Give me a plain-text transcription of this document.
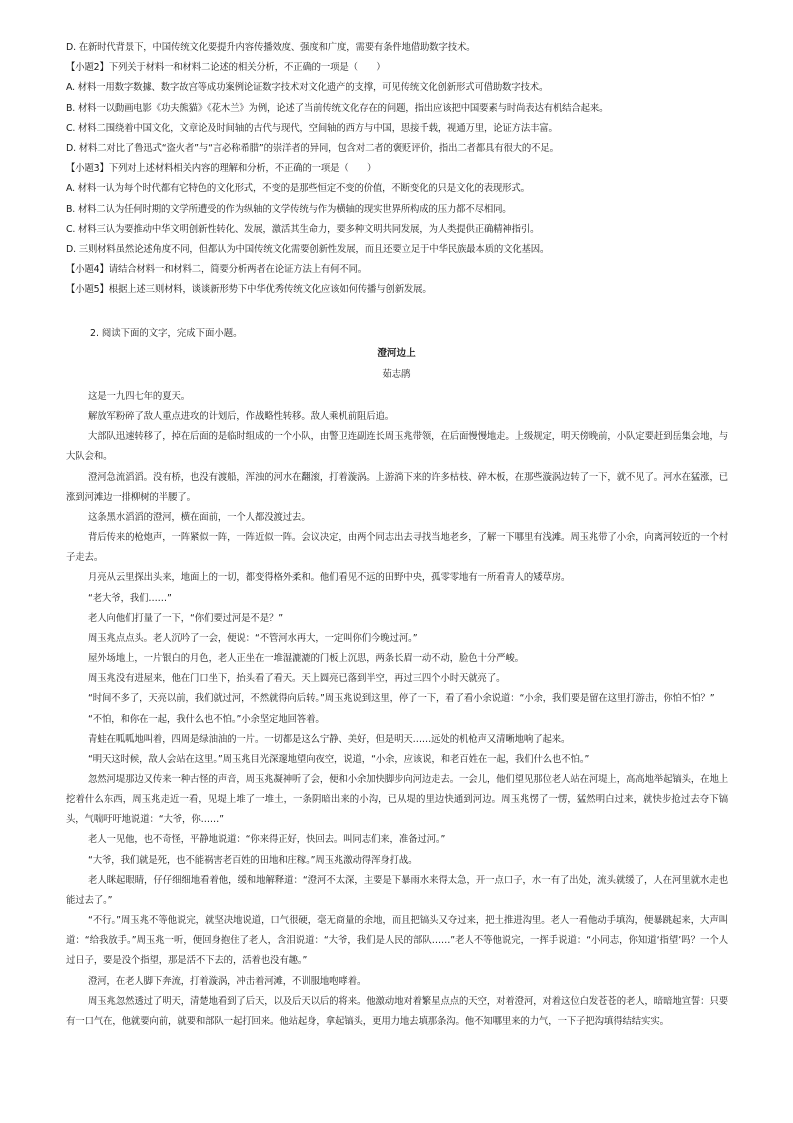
D. 在新时代背景下，中国传统文化要提升内容传播效度、强度和广度，需要有条件地借助数字技术。
【小题2】下列关于材料一和材料二论述的相关分析，不正确的一项是（　　）
A. 材料一用数字数據、数字故宫等成功案例论证数字技术对文化遗产的支撑，可见传统文化创新形式可借助数字技术。
B. 材料一以動画电影《功夫熊猫》《花木兰》为例，论述了当前传统文化存在的问题，指出应该把中国要素与时尚表达有机结合起来。
C. 材料二围绕着中国文化，文章论及时间轴的古代与现代，空间轴的西方与中国，思接千载，视通万里，论证方法丰富。
D. 材料二对比了鲁迅式“盗火者”与“言必称希腊”的崇洋者的异同，包含对二者的褒贬评价，指出二者都具有很大的不足。
【小题3】下列对上述材料相关内容的理解和分析，不正确的一项是（　　）
A. 材料一认为每个时代都有它特色的文化形式，不变的是那些恒定不变的价值，不断变化的只是文化的表现形式。
B. 材料二认为任何时期的文学所遭受的作为纵轴的文学传统与作为横轴的现实世界所构成的压力都不尽相同。
C. 材料三认为要推动中华文明创新性转化、发展，激活其生命力，要多种文明共同发展，为人类提供正确精神指引。
D. 三则材料虽然论述角度不同，但都认为中国传统文化需要创新性发展，而且还要立足于中华民族最本质的文化基因。
【小题4】请结合材料一和材料二，简要分析两者在论证方法上有何不同。
【小题5】根据上述三则材料，谈谈新形势下中华优秀传统文化应该如何传播与创新发展。
2. 阅读下面的文字，完成下面小题。
澄河边上
茹志鹃

这是一九四七年的夏天。

解放军粉碎了敌人重点进攻的计划后，作战略性转移。敌人乘机前阻后追。

大部队迅速转移了，掉在后面的是临时组成的一个小队，由警卫连副连长周玉兆带领，在后面慢慢地走。上级规定，明天傍晚前，小队定要赶到岳集会地，与大队会和。

澄河急流滔滔。没有桥，也没有渡船，浑浊的河水在翻滚，打着漩涡。上游淌下来的许多枯枝、碎木板，在那些漩涡边转了一下，就不见了。河水在猛涨，已涨到河滩边一排柳树的半腰了。

这条黑水滔滔的澄河，横在面前，一个人都没渡过去。

背后传来的枪炮声，一阵紧似一阵，一阵近似一阵。会议决定，由两个同志出去寻找当地老乡，了解一下哪里有浅滩。周玉兆带了小余，向离河较近的一个村子走去。

月亮从云里探出头来，地面上的一切，都变得格外柔和。他们看见不远的田野中央，孤零零地有一所看青人的矮草房。

“老大爷，我们……”

老人向他们打量了一下，“你们要过河是不是？”

周玉兆点点头。老人沉吟了一会，便说：“不管河水再大，一定叫你们今晚过河。”

屋外场地上，一片银白的月色，老人正坐在一堆湿漉漉的门板上沉思，两条长眉一动不动，脸色十分严峻。

周玉兆没有进屋来，他在门口坐下，抬头看了看天。天上圆亮已落到半空，再过三四个小时天就亮了。

“时间不多了，天亮以前，我们就过河，不然就得向后转。”周玉兆说到这里，停了一下，看了看小余说道：“小余，我们要是留在这里打游击，你怕不怕？”

“不怕，和你在一起，我什么也不怕。”小余坚定地回答着。

青蛙在呱呱地叫着，四周是绿油油的一片。一切都是这么宁静、美好，但是明天……远处的机枪声又清晰地响了起来。

“明天这时候，敌人会站在这里。”周玉兆目光深邃地望向夜空，说道，“小余，应该说，和老百姓在一起，我们什么也不怕。”

忽然河堤那边又传来一种古怪的声音，周玉兆凝神听了会，便和小余加快脚步向河边走去。一会儿，他们望见那位老人站在河堤上，高高地举起镐头，在地上挖着什么东西，周玉兆走近一看，见堤上堆了一堆土，一条阴暗出来的小沟，已从堤的里边快通到河边。周玉兆愣了一愣，猛然明白过来，就快步抢过去夺下镐头，气喘吁吁地说道：“大爷，你……”

老人一见他，也不奇怪，平静地说道：“你来得正好，快回去。叫同志们来，准备过河。”

“大爷，我们就是死，也不能祸害老百姓的田地和庄稼。”周玉兆激动得浑身打战。

老人眯起眼睛，仔仔细细地看着他，缓和地解释道：“澄河不太深，主要是下暴雨水来得太急，开一点口子，水一有了出处，流头就缓了，人在河里就水走也能过去了。”

“不行。”周玉兆不等他说完，就坚决地说道，口气很硬，毫无商量的余地，而且把镐头又夺过来，把土推进沟里。老人一看他动手填沟，便暴跳起来，大声叫道：“给我放手。”周玉兆一听，便回身抱住了老人，含泪说道：“大爷，我们是人民的部队……”老人不等他说完，一挥手说道：“小同志，你知道‘指望’吗？一个人过日子，要是没个指望，那是活不下去的，活着也没有趣。”

澄河，在老人脚下奔流，打着漩涡，冲击着河滩，不训服地咆哮着。

周玉兆忽然透过了明天，清楚地看到了后天，以及后天以后的将来。他激动地对着繁星点点的天空，对着澄河，对着这位白发苍苍的老人，暗暗地宣誓：只要有一口气在，他就要向前，就要和部队一起打回来。他站起身，拿起镐头，更用力地去填那条沟。他不知哪里来的力气，一下子把沟填得结结实实。
